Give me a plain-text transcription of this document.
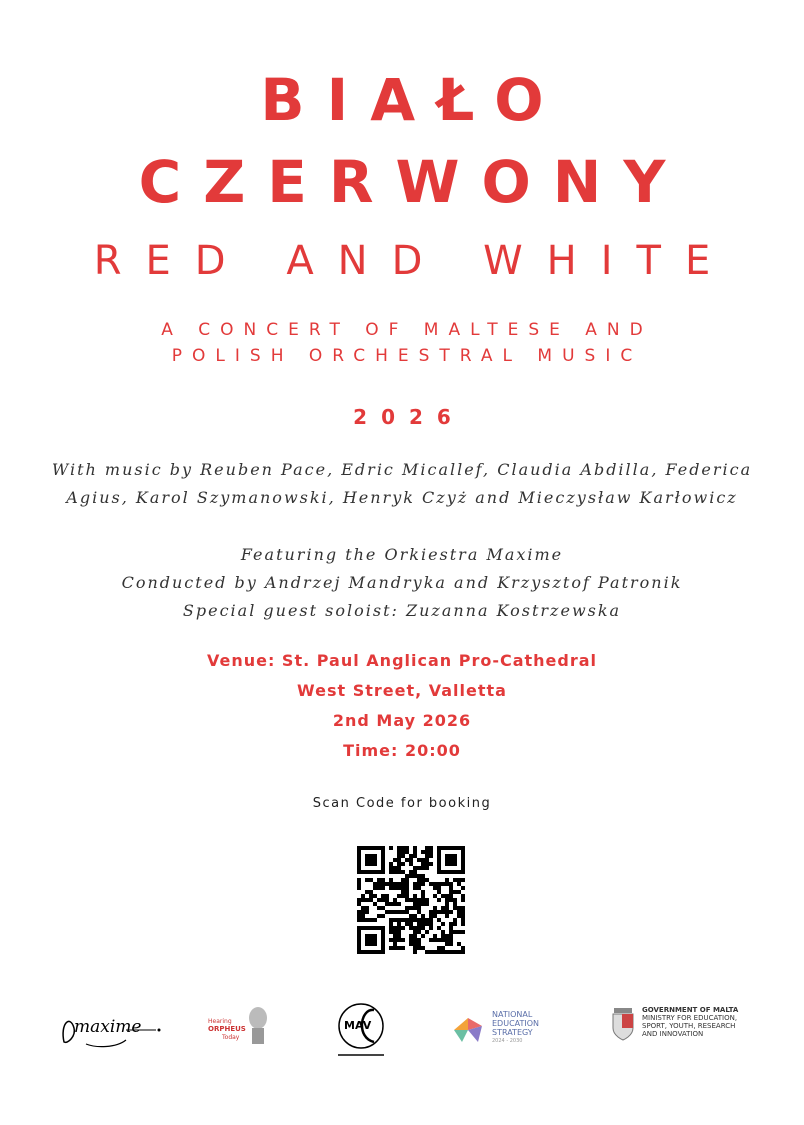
BIAŁO
CZERWONY
RED AND WHITE
A CONCERT OF MALTESE AND
POLISH ORCHESTRAL MUSIC
2026
With music by Reuben Pace, Edric Micallef, Claudia Abdilla, Federica
Agius, Karol Szymanowski, Henryk Czyż and Mieczysław Karłowicz
Featuring the Orkiestra Maxime
Conducted by Andrzej Mandryka and Krzysztof Patronik
Special guest soloist: Zuzanna Kostrzewska
Venue: St. Paul Anglican Pro-Cathedral
West Street, Valletta
2nd May 2026
Time: 20:00
Scan Code for booking
maxime	Hearing
ORPHEUS
Today
MAV
NATIONAL
EDUCATION
STRATEGY
2024 - 2030
GOVERNMENT OF MALTA
MINISTRY FOR EDUCATION,
SPORT, YOUTH, RESEARCH
AND INNOVATION
